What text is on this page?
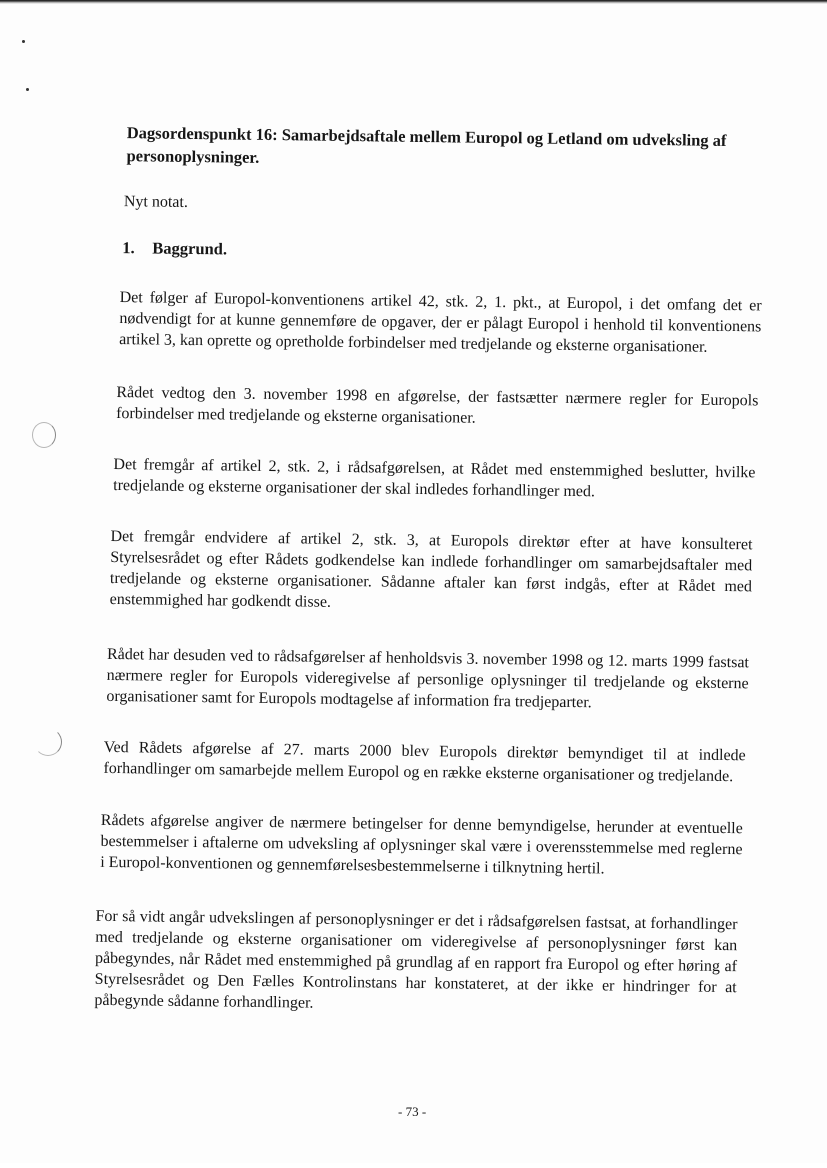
Dagsordenspunkt 16: Samarbejdsaftale mellem Europol og Letland om udveksling af personoplysninger.
Nyt notat.
1. Baggrund.
Det følger af Europol-konventionens artikel 42, stk. 2, 1. pkt., at Europol, i det omfang det er nødvendigt for at kunne gennemføre de opgaver, der er pålagt Europol i henhold til konventionens artikel 3, kan oprette og opretholde forbindelser med tredjelande og eksterne organisationer.
Rådet vedtog den 3. november 1998 en afgørelse, der fastsætter nærmere regler for Europols forbindelser med tredjelande og eksterne organisationer.
Det fremgår af artikel 2, stk. 2, i rådsafgørelsen, at Rådet med enstemmighed beslutter, hvilke tredjelande og eksterne organisationer der skal indledes forhandlinger med.
Det fremgår endvidere af artikel 2, stk. 3, at Europols direktør efter at have konsulteret Styrelsesrådet og efter Rådets godkendelse kan indlede forhandlinger om samarbejdsaftaler med tredjelande og eksterne organisationer. Sådanne aftaler kan først indgås, efter at Rådet med enstemmighed har godkendt disse.
Rådet har desuden ved to rådsafgørelser af henholdsvis 3. november 1998 og 12. marts 1999 fastsat nærmere regler for Europols videregivelse af personlige oplysninger til tredjelande og eksterne organisationer samt for Europols modtagelse af information fra tredjeparter.
Ved Rådets afgørelse af 27. marts 2000 blev Europols direktør bemyndiget til at indlede forhandlinger om samarbejde mellem Europol og en række eksterne organisationer og tredjelande.
Rådets afgørelse angiver de nærmere betingelser for denne bemyndigelse, herunder at eventuelle bestemmelser i aftalerne om udveksling af oplysninger skal være i overensstemmelse med reglerne i Europol-konventionen og gennemførelsesbestemmelserne i tilknytning hertil.
For så vidt angår udvekslingen af personoplysninger er det i rådsafgørelsen fastsat, at forhandlinger med tredjelande og eksterne organisationer om videregivelse af personoplysninger først kan påbegyndes, når Rådet med enstemmighed på grundlag af en rapport fra Europol og efter høring af Styrelsesrådet og Den Fælles Kontrolinstans har konstateret, at der ikke er hindringer for at påbegynde sådanne forhandlinger.
- 73 -
